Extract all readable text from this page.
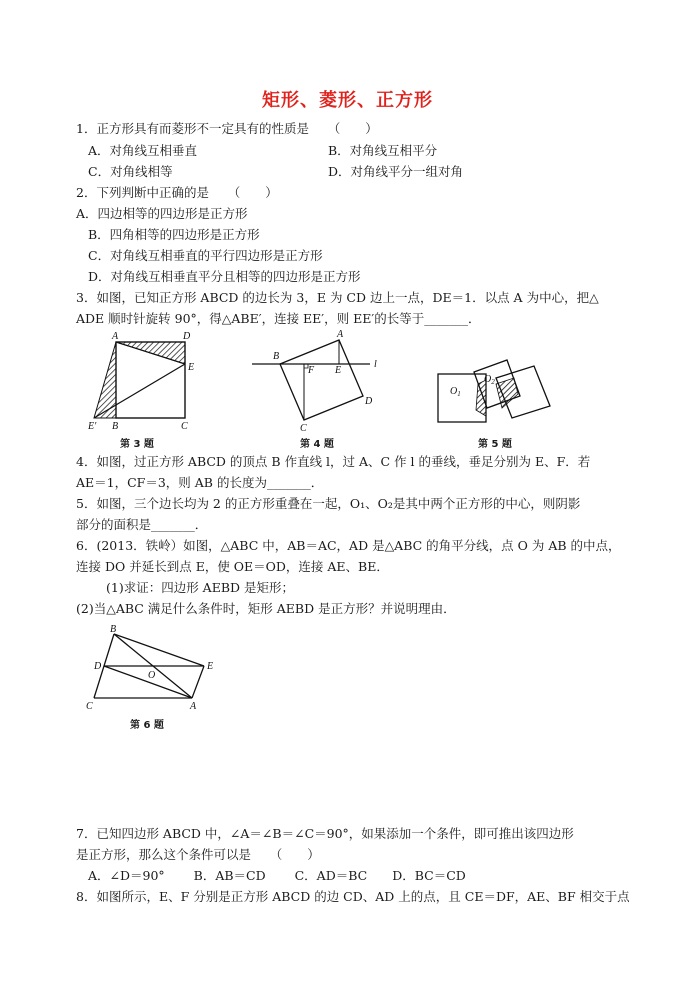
矩形、菱形、正方形
1．正方形具有而菱形不一定具有的性质是　　（　　）
A．对角线互相垂直	B．对角线互相平分
C．对角线相等	D．对角线平分一组对角
2．下列判断中正确的是　　（　　）
A．四边相等的四边形是正方形
B．四角相等的四边形是正方形
C．对角线互相垂直的平行四边形是正方形
D．对角线互相垂直平分且相等的四边形是正方形
3．如图，已知正方形 ABCD 的边长为 3，E 为 CD 边上一点，DE＝1．以点 A 为中心，把△
ADE 顺时针旋转 90°，得△ABE′，连接 EE′，则 EE′的长等于_______．
A	D
E
E′ B	C
第 3 题
A
B
F E
l
D
C
第 4 题
$O_1$
$O_2$
第 5 题
4．如图，过正方形 ABCD 的顶点 B 作直线 l，过 A、C 作 l 的垂线，垂足分别为 E、F．若
AE＝1，CF＝3，则 AB 的长度为_______．
5．如图，三个边长均为 2 的正方形重叠在一起，O₁、O₂是其中两个正方形的中心，则阴影
部分的面积是_______．
6．(2013．铁岭）如图，△ABC 中，AB＝AC，AD 是△ABC 的角平分线，点 O 为 AB 的中点，
连接 DO 并延长到点 E，使 OE＝OD，连接 AE、BE．
(1)求证：四边形 AEBD 是矩形；
(2)当△ABC 满足什么条件时，矩形 AEBD 是正方形？并说明理由．
B
D
O
E
C	A
第 6 题
7．已知四边形 ABCD 中，∠A＝∠B＝∠C＝90°，如果添加一个条件，即可推出该四边形
是正方形，那么这个条件可以是　　（　　）
A．∠D＝90°　　 B．AB＝CD　　 C．AD＝BC　　D．BC＝CD
8．如图所示，E、F 分别是正方形 ABCD 的边 CD、AD 上的点，且 CE＝DF，AE、BF 相交于点
